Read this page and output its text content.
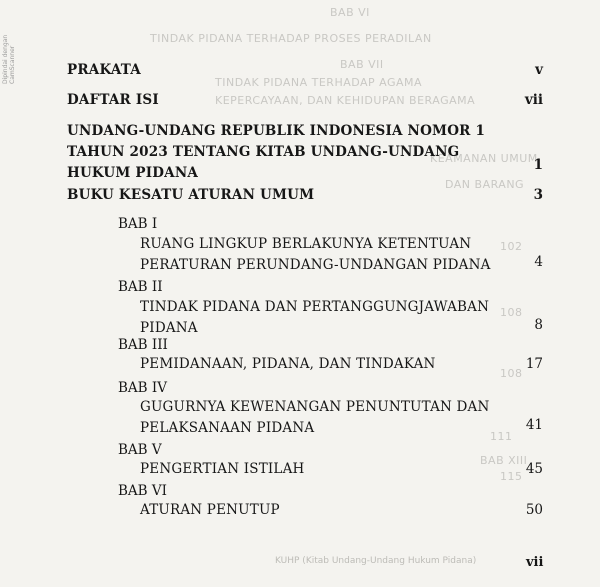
Dipindai dengan CamScanner
BAB VI
TINDAK PIDANA TERHADAP PROSES PERADILAN
BAB VII
TINDAK PIDANA TERHADAP AGAMA
KEPERCAYAAN, DAN KEHIDUPAN BERAGAMA
KEAMANAN UMUM
DAN BARANG
102
108
108
111
BAB XIII
115
PRAKATA	v
DAFTAR ISI	vii
UNDANG-UNDANG REPUBLIK INDONESIA NOMOR 1
TAHUN 2023 TENTANG KITAB UNDANG-UNDANG
HUKUM PIDANA	1
BUKU KESATU ATURAN UMUM	3
BAB I
RUANG LINGKUP BERLAKUNYA KETENTUAN
PERATURAN PERUNDANG-UNDANGAN PIDANA	4
BAB II
TINDAK PIDANA DAN PERTANGGUNGJAWABAN
PIDANA	8
BAB III
PEMIDANAAN, PIDANA, DAN TINDAKAN	17
BAB IV
GUGURNYA KEWENANGAN PENUNTUTAN DAN
PELAKSANAAN PIDANA	41
BAB V
PENGERTIAN ISTILAH	45
BAB VI
ATURAN PENUTUP	50
KUHP (Kitab Undang-Undang Hukum Pidana)	vii
